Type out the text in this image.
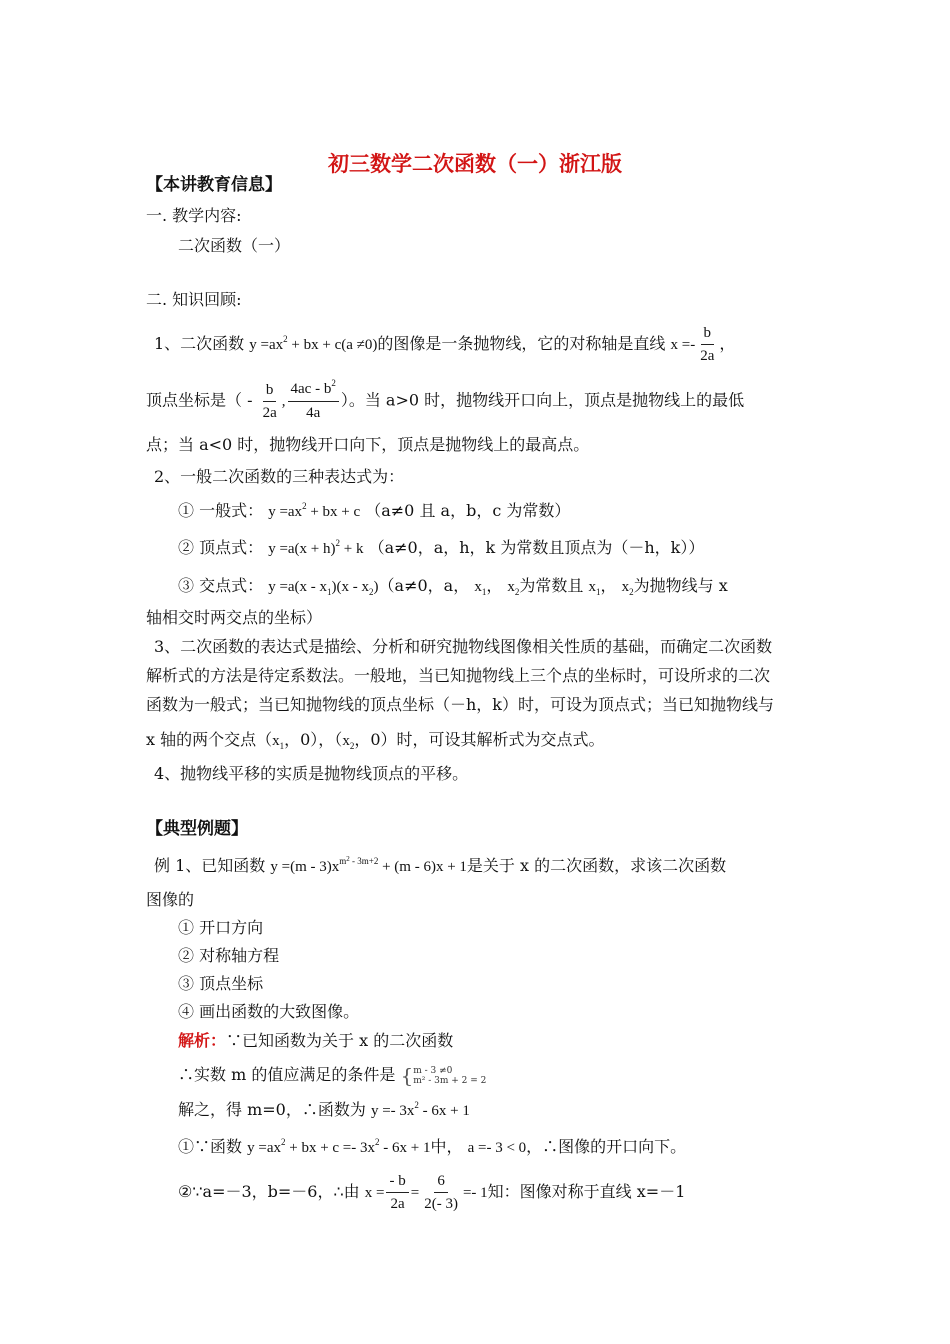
初三数学二次函数（一）浙江版
【本讲教育信息】
一. 教学内容:
二次函数（一）
二. 知识回顾:
1、二次函数 $y =ax^2$ + bx + c(a ≠0)的图像是一条抛物线，它的对称轴是直线 $x =- \frac{b}{2a}$ ，
顶点坐标是（ - $\frac{b}{2a}$ , $\frac{4ac - b^2}{4a}$ ）。当 a>0 时，抛物线开口向上，顶点是抛物线上的最低
点；当 a<0 时，抛物线开口向下，顶点是抛物线上的最高点。
2、一般二次函数的三种表达式为：
① 一般式： $y =ax^2$ + bx + c （a≠0 且 a，b，c 为常数）
② 顶点式： $y =a(x + h)^2 + k$ （a≠0，a，h，k 为常数且顶点为（－h，k））
③ 交点式： $y =a(x - x_1)(x - x_2)(a\ne 0$，a， $x_1$， $x_2$为常数且 $x_1$， $x_2$为抛物线与 x
轴相交时两交点的坐标）
3、二次函数的表达式是描绘、分析和研究抛物线图像相关性质的基础，而确定二次函数
解析式的方法是待定系数法。一般地，当已知抛物线上三个点的坐标时，可设所求的二次
函数为一般式；当已知抛物线的顶点坐标（－h，k）时，可设为顶点式；当已知抛物线与
x 轴的两个交点（$x_1$，0），（$x_2$，0）时，可设其解析式为交点式。
4、抛物线平移的实质是抛物线顶点的平移。
【典型例题】
例 1、已知函数 $y =(m - 3)x^{m^2 - 3m+2} + (m - 6)x + 1$是关于 x 的二次函数，求该二次函数
图像的
① 开口方向
② 对称轴方程
③ 顶点坐标
④ 画出函数的大致图像。
解析：∵已知函数为关于 x 的二次函数
∴实数 m 的值应满足的条件是 {m - 3 ≠0
m² - 3m + 2 = 2
解之，得 m=0，∴函数为 $y =- 3x^2 - 6x + 1$
①∵函数 $y =ax^2$ + bx + $c =- 3x^2 - 6x + 1$中， a =- 3 < 0，∴图像的开口向下。
②∵a=－3，b=－6，∴由 $x = \frac{- b}{2a} = \frac{6}{2(- 3)} =- 1$知：图像对称于直线 x=－1
